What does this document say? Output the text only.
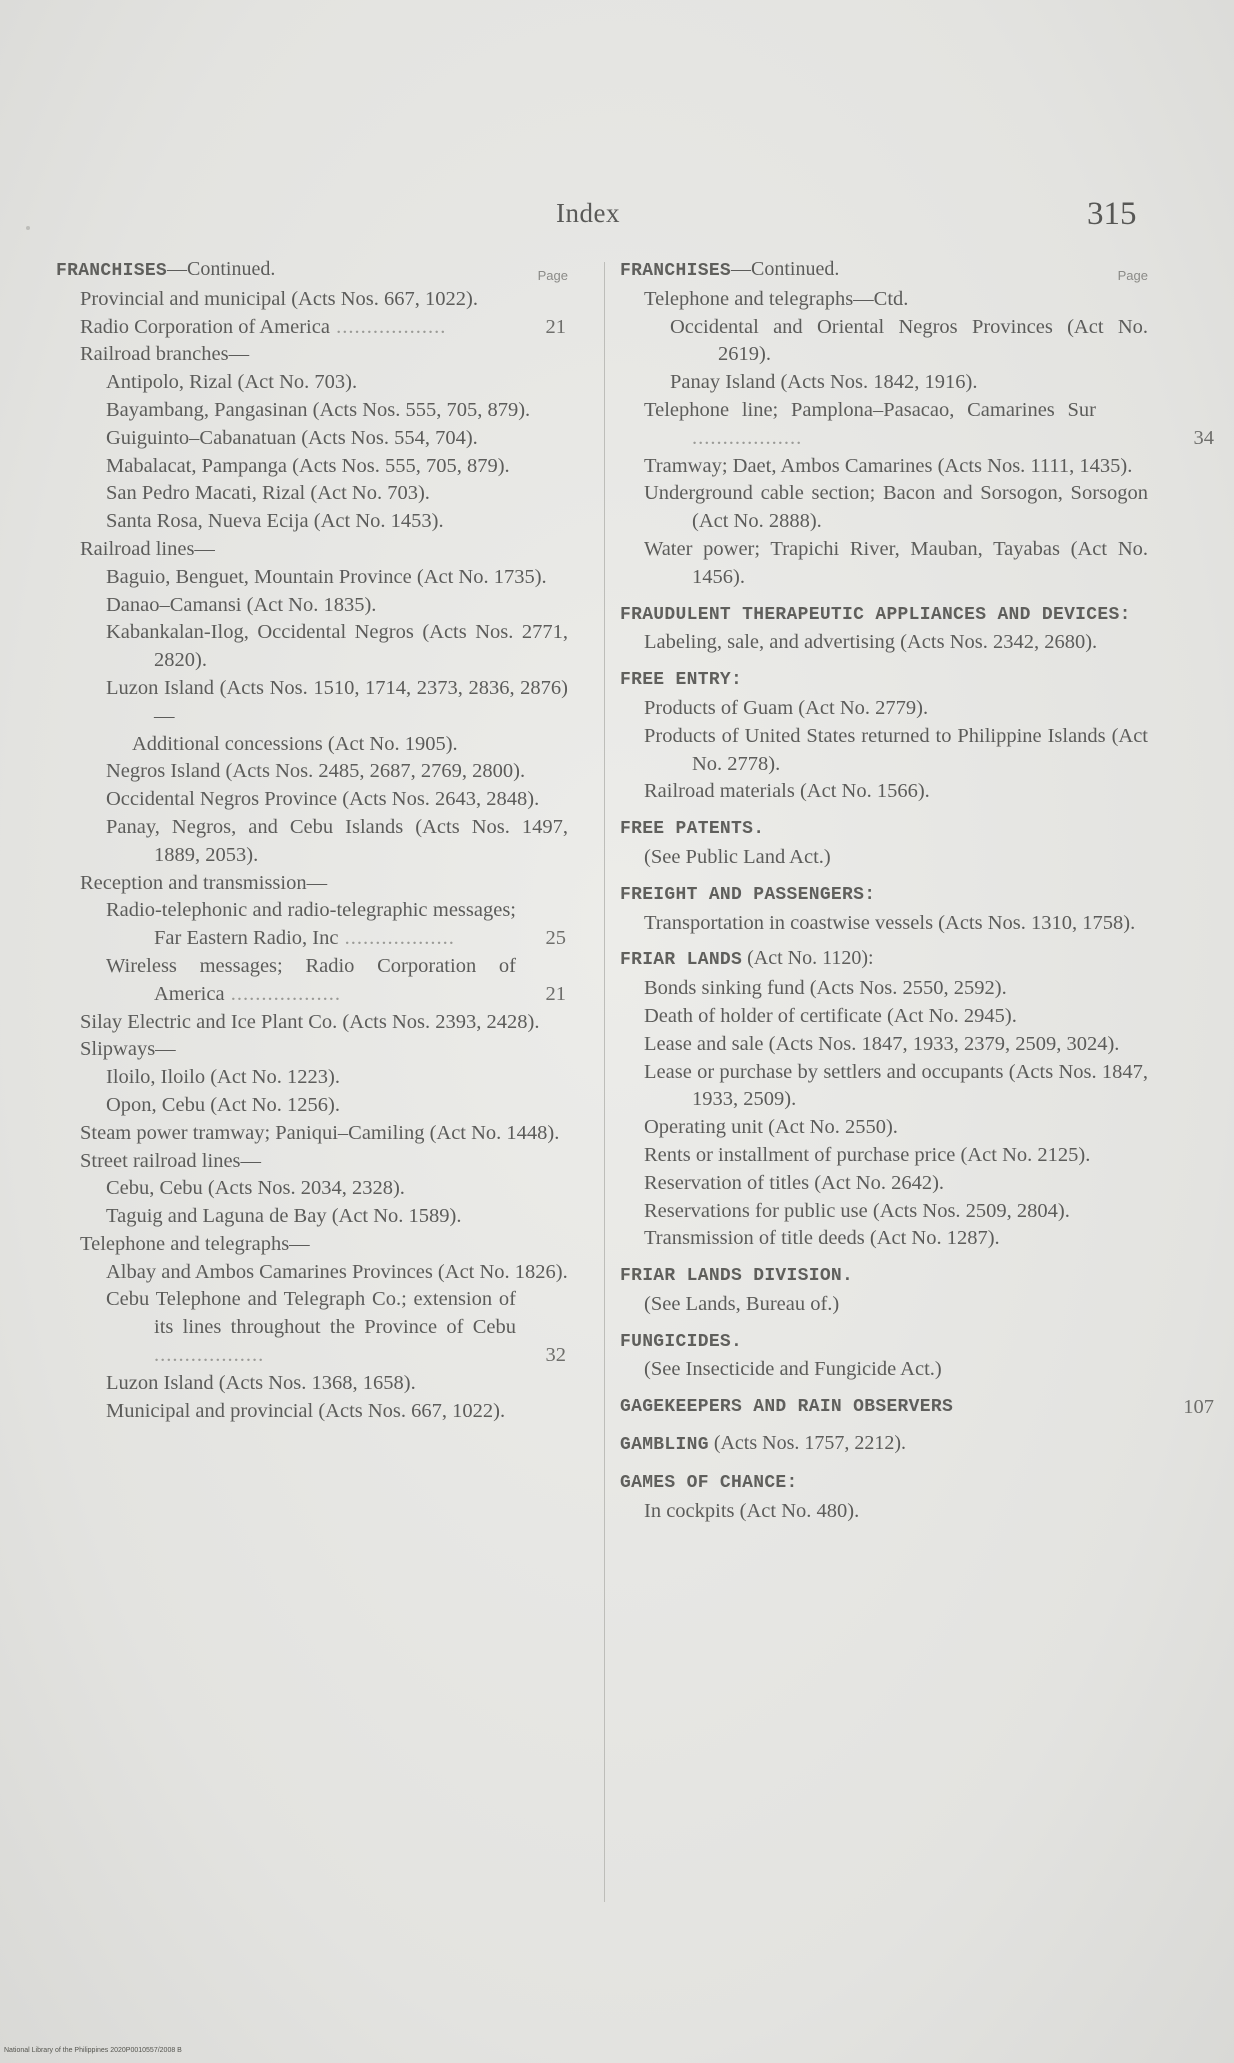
Index	315
Page
FRANCHISES—Continued.
Provincial and municipal (Acts Nos. 667, 1022).
Radio Corporation of America ..................	21
Railroad branches—
Antipolo, Rizal (Act No. 703).
Bayambang, Pangasinan (Acts Nos. 555, 705, 879).
Guiguinto–Cabanatuan (Acts Nos. 554, 704).
Mabalacat, Pampanga (Acts Nos. 555, 705, 879).
San Pedro Macati, Rizal (Act No. 703).
Santa Rosa, Nueva Ecija (Act No. 1453).
Railroad lines—
Baguio, Benguet, Mountain Province (Act No. 1735).
Danao–Camansi (Act No. 1835).
Kabankalan-Ilog, Occidental Negros (Acts Nos. 2771, 2820).
Luzon Island (Acts Nos. 1510, 1714, 2373, 2836, 2876)—
Additional concessions (Act No. 1905).
Negros Island (Acts Nos. 2485, 2687, 2769, 2800).
Occidental Negros Province (Acts Nos. 2643, 2848).
Panay, Negros, and Cebu Islands (Acts Nos. 1497, 1889, 2053).
Reception and transmission—
Radio-telephonic and radio-telegraphic messages; Far Eastern Radio, Inc ..................	25
Wireless messages; Radio Corporation of America ..................	21
Silay Electric and Ice Plant Co. (Acts Nos. 2393, 2428).
Slipways—
Iloilo, Iloilo (Act No. 1223).
Opon, Cebu (Act No. 1256).
Steam power tramway; Paniqui–Camiling (Act No. 1448).
Street railroad lines—
Cebu, Cebu (Acts Nos. 2034, 2328).
Taguig and Laguna de Bay (Act No. 1589).
Telephone and telegraphs—
Albay and Ambos Camarines Provinces (Act No. 1826).
Cebu Telephone and Telegraph Co.; extension of its lines throughout the Province of Cebu ..................	32
Luzon Island (Acts Nos. 1368, 1658).
Municipal and provincial (Acts Nos. 667, 1022).
Page
FRANCHISES—Continued.
Telephone and telegraphs—Ctd.
Occidental and Oriental Negros Provinces (Act No. 2619).
Panay Island (Acts Nos. 1842, 1916).
Telephone line; Pamplona–Pasacao, Camarines Sur ..................	34
Tramway; Daet, Ambos Camarines (Acts Nos. 1111, 1435).
Underground cable section; Bacon and Sorsogon, Sorsogon (Act No. 2888).
Water power; Trapichi River, Mauban, Tayabas (Act No. 1456).
FRAUDULENT THERAPEUTIC APPLIANCES AND DEVICES:
Labeling, sale, and advertising (Acts Nos. 2342, 2680).
FREE ENTRY:
Products of Guam (Act No. 2779).
Products of United States returned to Philippine Islands (Act No. 2778).
Railroad materials (Act No. 1566).
FREE PATENTS.
(See Public Land Act.)
FREIGHT AND PASSENGERS:
Transportation in coastwise vessels (Acts Nos. 1310, 1758).
FRIAR LANDS (Act No. 1120):
Bonds sinking fund (Acts Nos. 2550, 2592).
Death of holder of certificate (Act No. 2945).
Lease and sale (Acts Nos. 1847, 1933, 2379, 2509, 3024).
Lease or purchase by settlers and occupants (Acts Nos. 1847, 1933, 2509).
Operating unit (Act No. 2550).
Rents or installment of purchase price (Act No. 2125).
Reservation of titles (Act No. 2642).
Reservations for public use (Acts Nos. 2509, 2804).
Transmission of title deeds (Act No. 1287).
FRIAR LANDS DIVISION.
(See Lands, Bureau of.)
FUNGICIDES.
(See Insecticide and Fungicide Act.)
GAGEKEEPERS AND RAIN OBSERVERS	107
GAMBLING (Acts Nos. 1757, 2212).
GAMES OF CHANCE:
In cockpits (Act No. 480).
National Library of the Philippines 2020P0010557/2008 B
